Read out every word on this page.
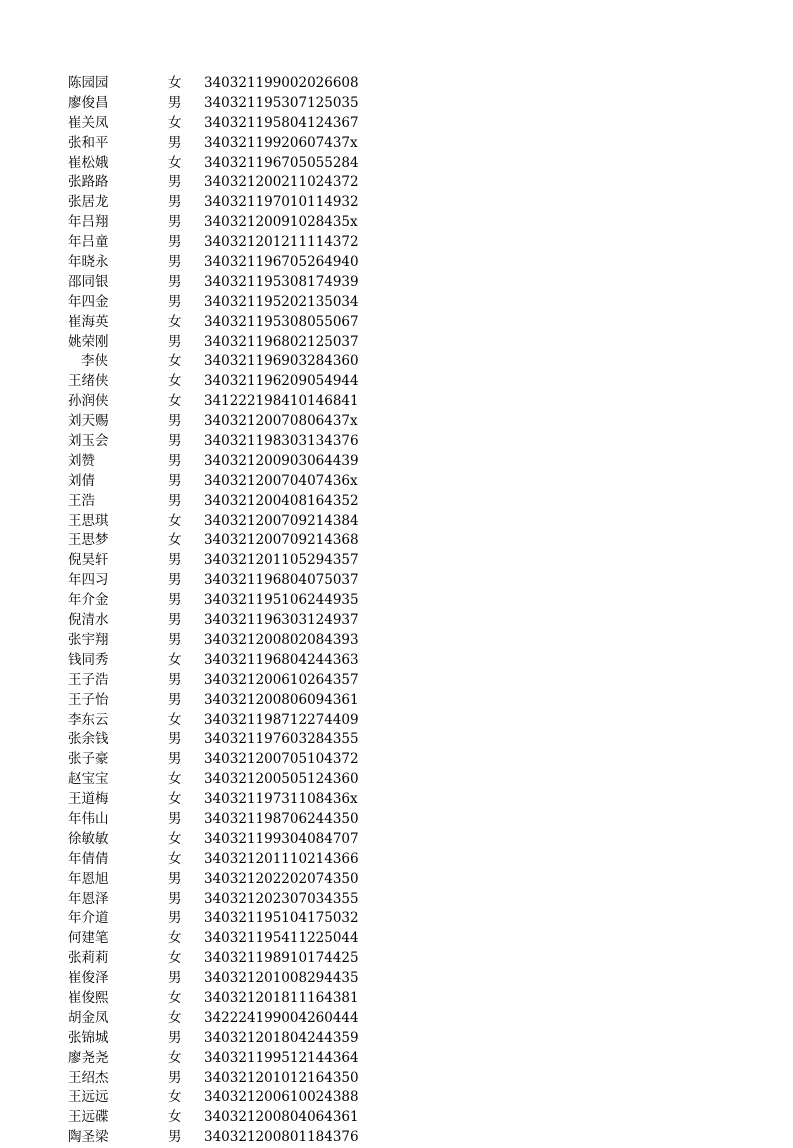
陈园园	女	340321199002026608
廖俊昌	男	340321195307125035
崔关凤	女	340321195804124367
张和平	男	34032119920607437x
崔松娥	女	340321196705055284
张路路	男	340321200211024372
张居龙	男	340321197010114932
年吕翔	男	34032120091028435x
年吕童	男	340321201211114372
年晓永	男	340321196705264940
邵同银	男	340321195308174939
年四金	男	340321195202135034
崔海英	女	340321195308055067
姚荣刚	男	340321196802125037
李侠	女	340321196903284360
王绪侠	女	340321196209054944
孙润侠	女	341222198410146841
刘天赐	男	34032120070806437x
刘玉会	男	340321198303134376
刘赞	男	340321200903064439
刘倩	男	34032120070407436x
王浩	男	340321200408164352
王思琪	女	340321200709214384
王思梦	女	340321200709214368
倪昊轩	男	340321201105294357
年四习	男	340321196804075037
年介金	男	340321195106244935
倪清水	男	340321196303124937
张宇翔	男	340321200802084393
钱同秀	女	340321196804244363
王子浩	男	340321200610264357
王子怡	男	340321200806094361
李东云	女	340321198712274409
张余钱	男	340321197603284355
张子豪	男	340321200705104372
赵宝宝	女	340321200505124360
王道梅	女	34032119731108436x
年伟山	男	340321198706244350
徐敏敏	女	340321199304084707
年倩倩	女	340321201110214366
年恩旭	男	340321202202074350
年恩泽	男	340321202307034355
年介道	男	340321195104175032
何建笔	女	340321195411225044
张莉莉	女	340321198910174425
崔俊泽	男	340321201008294435
崔俊熙	女	340321201811164381
胡金凤	女	342224199004260444
张锦城	男	340321201804244359
廖尧尧	女	340321199512144364
王绍杰	男	340321201012164350
王远远	女	340321200610024388
王远碟	女	340321200804064361
陶圣梁	男	340321200801184376
